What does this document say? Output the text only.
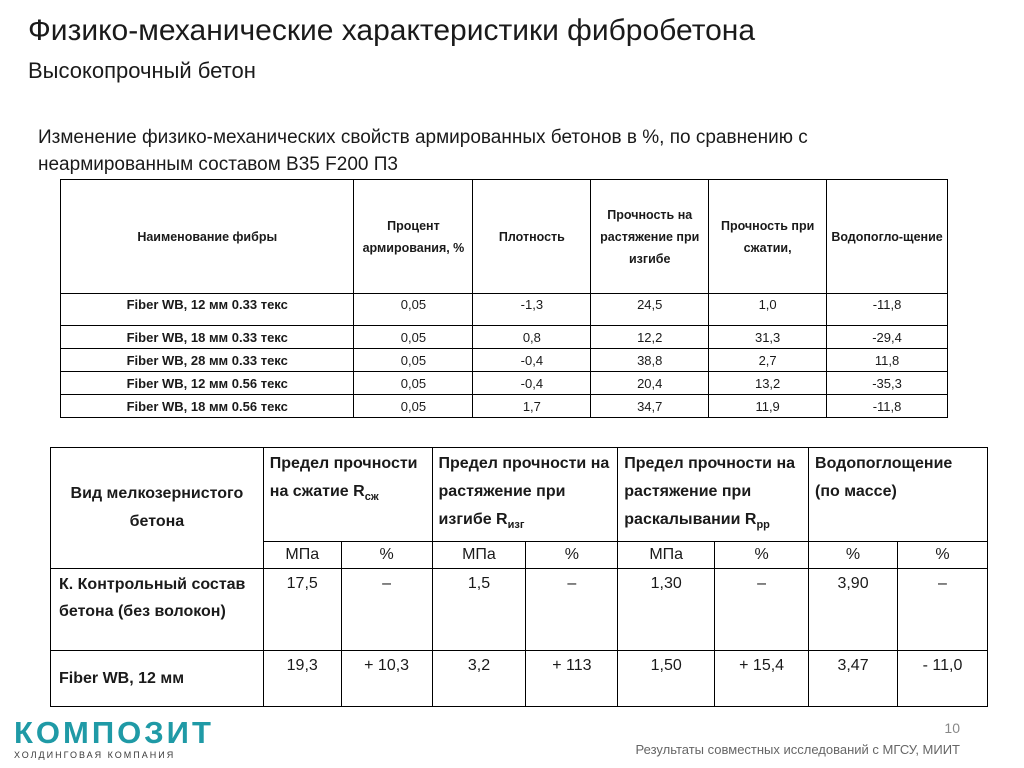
Физико-механические характеристики фибробетона
Высокопрочный бетон
Изменение физико-механических свойств армированных бетонов в %, по сравнению с неармированным составом В35 F200 П3
Наименование фибры	Процент армирования, %	Плотность	Прочность на растяжение при изгибе	Прочность при сжатии,	Водопогло-щение
Fiber WB, 12 мм 0.33 текс	0,05	-1,3	24,5	1,0	-11,8
Fiber WB, 18 мм 0.33 текс	0,05	0,8	12,2	31,3	-29,4
Fiber WB, 28 мм 0.33 текс	0,05	-0,4	38,8	2,7	11,8
Fiber WB, 12 мм 0.56 текс	0,05	-0,4	20,4	13,2	-35,3
Fiber WB, 18 мм 0.56 текс	0,05	1,7	34,7	11,9	-11,8
Вид мелкозернистого бетона	Предел прочности на сжатие $R_{сж}$		Предел прочности на растяжение при изгибе $R_{изг}$		Предел прочности на растяжение при раскалывании $R_{рр}$		Водопоглощение (по массе)	
	МПа	%	МПа	%	МПа	%	%	%
К. Контрольный состав бетона (без волокон)	17,5	–	1,5	–	1,30	–	3,90	–
Fiber WB, 12 мм	19,3	+ 10,3	3,2	+ 113	1,50	+ 15,4	3,47	- 11,0
КОМПОЗИТ
ХОЛДИНГОВАЯ КОМПАНИЯ
10
Результаты совместных исследований с МГСУ, МИИТ
